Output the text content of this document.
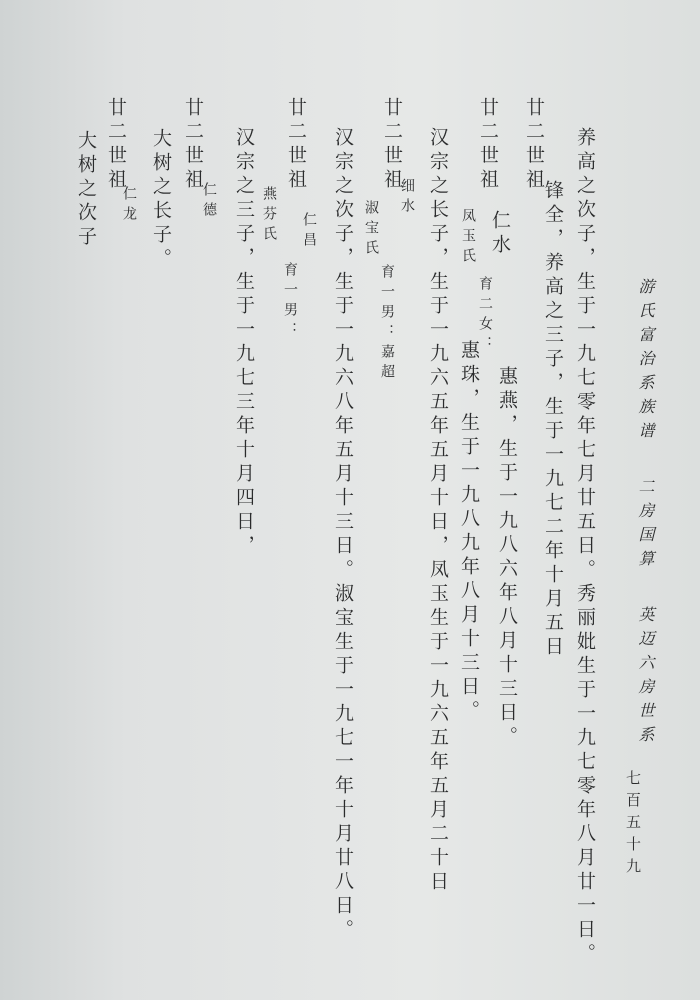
游氏富治系族谱
二房国算
英迈六房世系
七百五十九
养高之次子，生于一九七零年七月廿五日。秀丽妣生于一九七零年八月廿一日。
锋全，养高之三子，生于一九七二年十月五日
廿二世祖
惠燕，生于一九八六年八月十三日。
廿二世祖
仁水
凤玉氏
育二女：
惠珠，生于一九八九年八月十三日。
汉宗之长子，生于一九六五年五月十日，凤玉生于一九六五年五月二十日
廿二世祖
细水
淑宝氏
育一男：嘉超
汉宗之次子，生于一九六八年五月十三日。淑宝生于一九七一年十月廿八日。
廿二世祖
仁昌
燕芬氏
育一男：
汉宗之三子，生于一九七三年十月四日，
廿二世祖
仁德
大树之长子。
廿二世祖
仁龙
大树之次子
